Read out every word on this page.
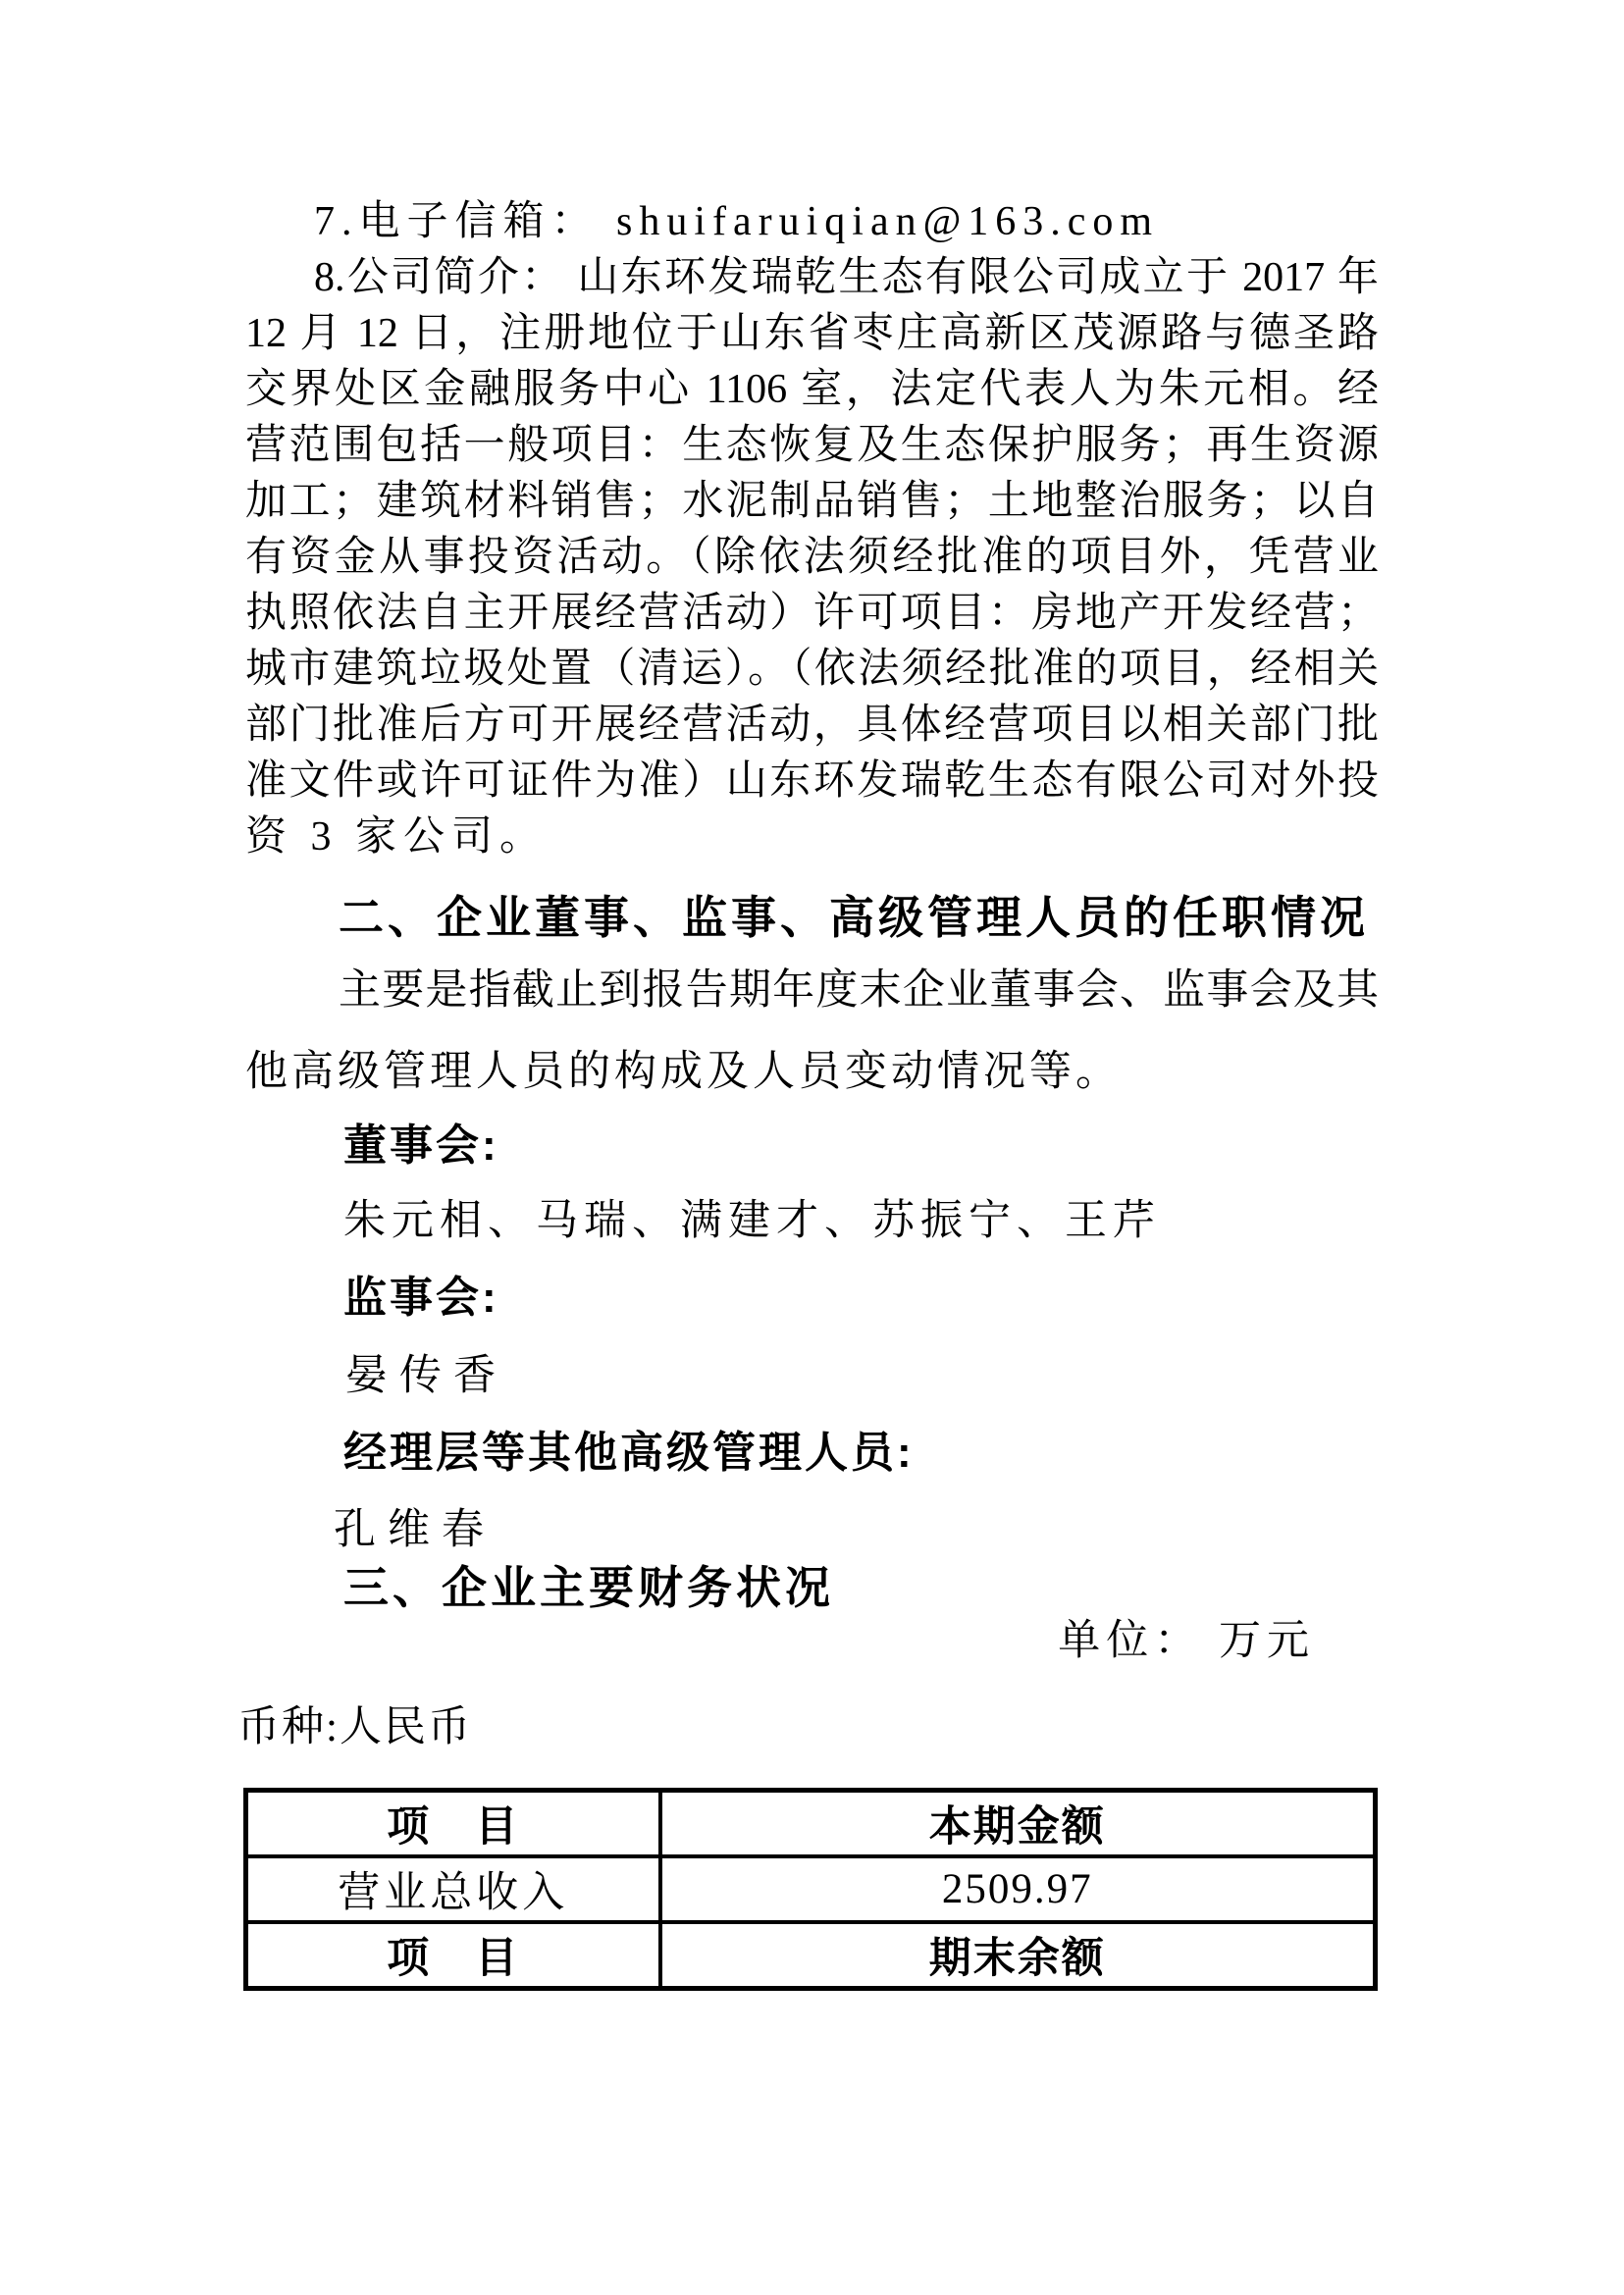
7.电子信箱： shuifaruiqian@163.com
8.公司简介： 山东环发瑞乾生态有限公司成立于 2017 年
12 月 12 日，注册地位于山东省枣庄高新区茂源路与德圣路
交界处区金融服务中心 1106 室，法定代表人为朱元相。经
营范围包括一般项目：生态恢复及生态保护服务；再生资源
加工；建筑材料销售；水泥制品销售；土地整治服务；以自
有资金从事投资活动。（除依法须经批准的项目外，凭营业
执照依法自主开展经营活动）许可项目：房地产开发经营；
城市建筑垃圾处置（清运）。（依法须经批准的项目，经相关
部门批准后方可开展经营活动，具体经营项目以相关部门批
准文件或许可证件为准）山东环发瑞乾生态有限公司对外投
资 3 家公司。
二、企业董事、监事、高级管理人员的任职情况
主要是指截止到报告期年度末企业董事会、监事会及其
他高级管理人员的构成及人员变动情况等。
董事会:
朱元相、马瑞、满建才、苏振宁、王芹
监事会:
晏传香
经理层等其他高级管理人员:
孔维春
三、企业主要财务状况
单位： 万元
币种:人民币
项　目	本期金额
营业总收入	2509.97
项　目	期末余额
